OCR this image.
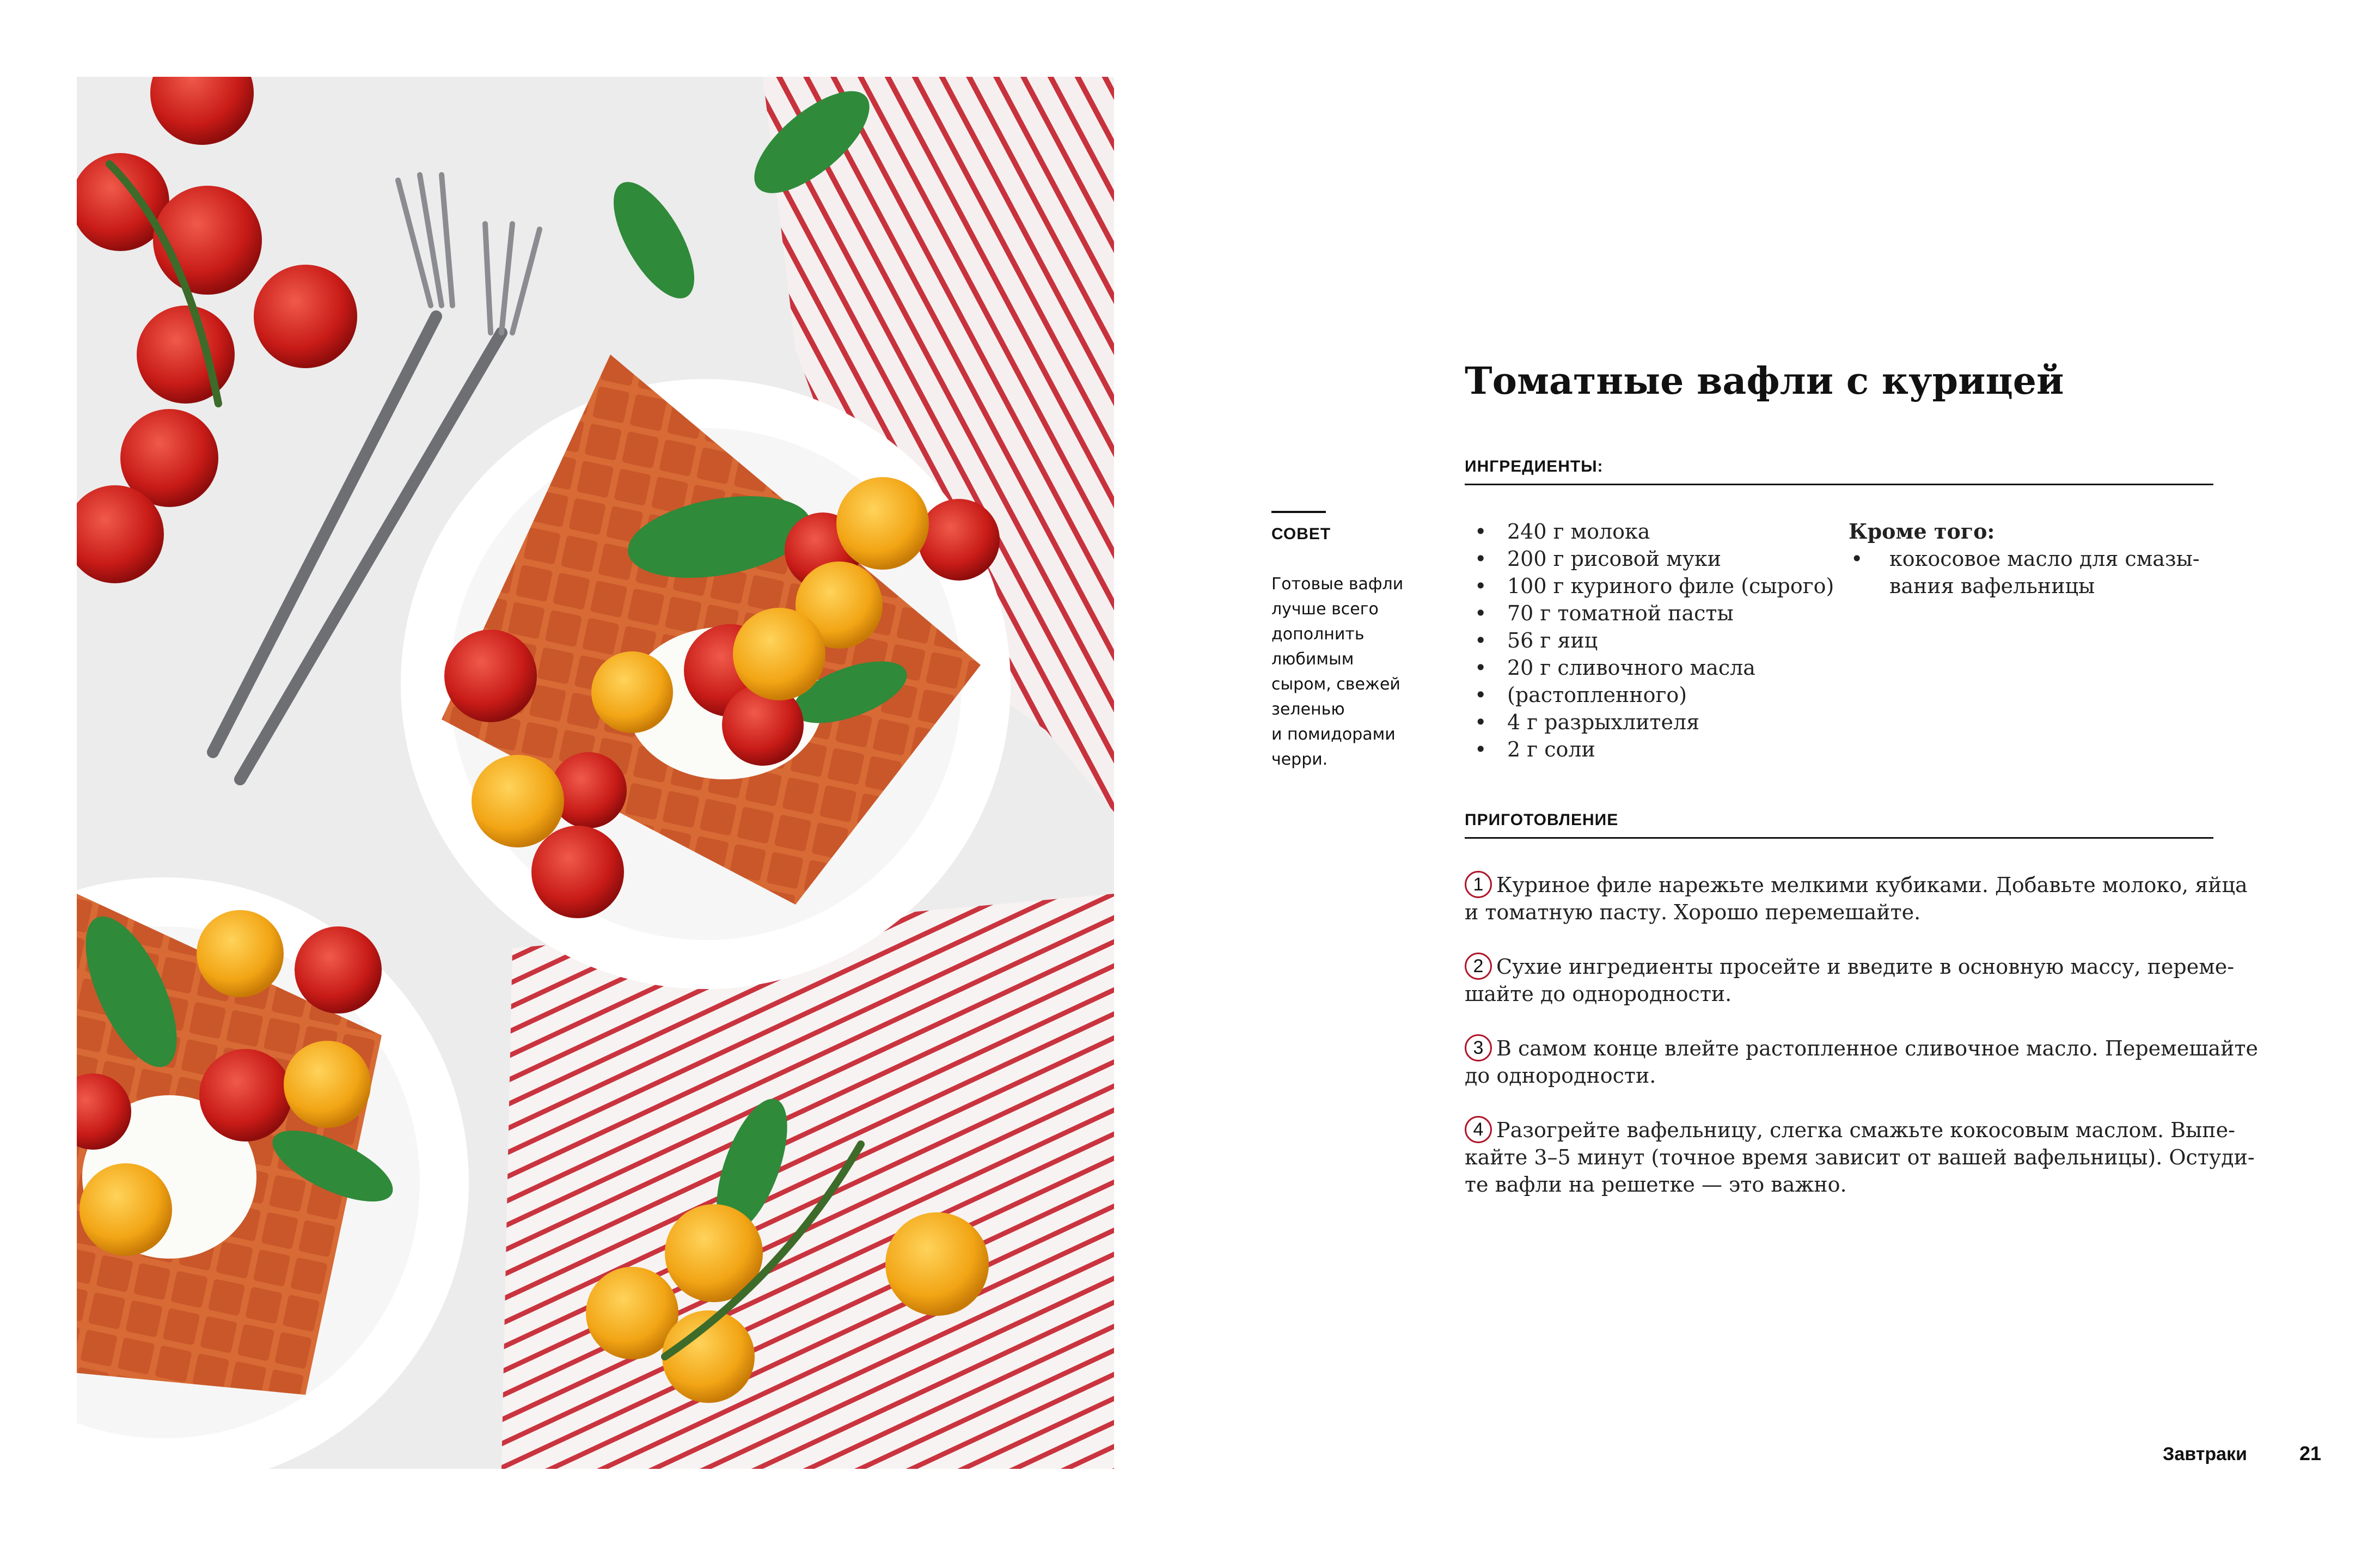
СОВЕТ
Готовые вафли
лучше всего
дополнить
любимым
сыром, свежей
зеленью
и помидорами
черри.
Томатные вафли с курицей
ИНГРЕДИЕНТЫ:
• 240 г молока
• 200 г рисовой муки
• 100 г куриного филе (сырого)
• 70 г томатной пасты
• 56 г яиц
• 20 г сливочного масла
• (растопленного)
• 4 г разрыхлителя
• 2 г соли
Кроме того:
• кокосовое масло для смазы-
вания вафельницы
ПРИГОТОВЛЕНИЕ
1 Куриное филе нарежьте мелкими кубиками. Добавьте молоко, яйца
и томатную пасту. Хорошо перемешайте.
2 Сухие ингредиенты просейте и введите в основную массу, переме-
шайте до однородности.
3 В самом конце влейте растопленное сливочное масло. Перемешайте
до однородности.
4 Разогрейте вафельницу, слегка смажьте кокосовым маслом. Выпе-
кайте 3–5 минут (точное время зависит от вашей вафельницы). Остуди-
те вафли на решетке — это важно.
Завтраки	21
